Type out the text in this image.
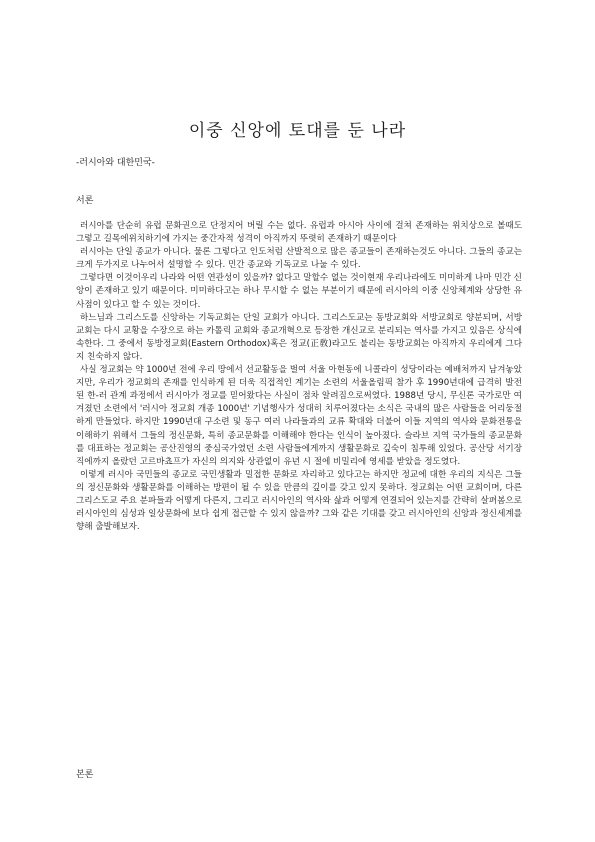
이중 신앙에 토대를 둔 나라
-러시아와 대한민국-
서론

러시아를 단순히 유럽 문화권으로 단정지어 버릴 수는 없다. 유럽과 아시아 사이에 걸쳐 존재하는 위치상으로 볼때도 그렇고 길목에위치하기에 가지는 중간자적 성격이 아직까지 뚜렷히 존재하기 때문이다

러시아는 단일 종교가 아니다. 물론 그렇다고 인도처럼 산발적으로 많은 종교들이 존재하는것도 아니다. 그들의 종교는 크게 두가지로 나누어서 설명할 수 있다. 민간 종교와 기독교로 나눌 수 있다.

그렇다면 이것이우리 나라와 어떤 연관성이 있을까? 없다고 말할수 없는 것이현재 우리나라에도 미미하게 나마 민간 신앙이 존재하고 있기 때문이다. 미미하다고는 하나 무시할 수 없는 부분이기 때문에 러시아의 이중 신앙체계와 상당한 유사점이 있다고 할 수 있는 것이다.

하느님과 그리스도를 신앙하는 기독교회는 단일 교회가 아니다. 그리스도교는 동방교회와 서방교회로 양분되며, 서방교회는 다시 교황을 수장으로 하는 카톨릭 교회와 종교개혁으로 등장한 개신교로 분리되는 역사를 가지고 있음은 상식에 속한다. 그 중에서 동방정교회(Eastern Orthodox)혹은 정교(正敎)라고도 불리는 동방교회는 아직까지 우리에게 그다지 친숙하지 않다.

사실 정교회는 약 1000년 전에 우리 땅에서 선교활동을 벌여 서울 아현동에 니콜라이 성당이라는 예배처까지 남겨놓았지만, 우리가 정교회의 존재를 인식하게 된 더욱 직접적인 계기는 소련의 서울올림픽 참가 후 1990년대에 급격히 발전된 한-러 관계 과정에서 러시아가 정교를 믿어왔다는 사실이 점차 알려짐으로써였다. 1988년 당시, 무신론 국가로만 여겨졌던 소련에서 '러시아 정교회 개종 1000년' 기념행사가 성대히 치루어졌다는 소식은 국내의 많은 사람들을 어리둥절하게 만들었다. 하지만 1990년대 구소련 및 동구 여러 나라들과의 교류 확대와 더불어 이들 지역의 역사와 문화전통을 이해하기 위해서 그들의 정신문화, 특히 종교문화를 이해해야 한다는 인식이 높아졌다. 슬라브 지역 국가들의 종교문화를 대표하는 정교회는 공산진영의 중심국가였던 소련 사람들에게까지 생활문화로 깊숙이 침투해 있었다. 공산당 서기장직에까지 올랐던 고르바쵸프가 자신의 의지와 상관없이 유년 시 절에 비밀리에 영세를 받았을 정도였다.

이렇게 러시아 국민들의 종교로 국민생활과 밀접한 문화로 자리하고 있다고는 하지만 정교에 대한 우리의 지식은 그들의 정신문화와 생활문화를 이해하는 방편이 될 수 있을 만큼의 깊이를 갖고 있지 못하다. 정교회는 어떤 교회이며, 다른 그리스도교 주요 분파들과 어떻게 다른지, 그리고 러시아인의 역사와 삶과 어떻게 연결되어 있는지를 간략히 살펴봄으로 러시아인의 심성과 일상문화에 보다 쉽게 접근할 수 있지 않을까? 그와 같은 기대를 갖고 러시아인의 신앙과 정신세계를 향해 출발해보자.

본론
